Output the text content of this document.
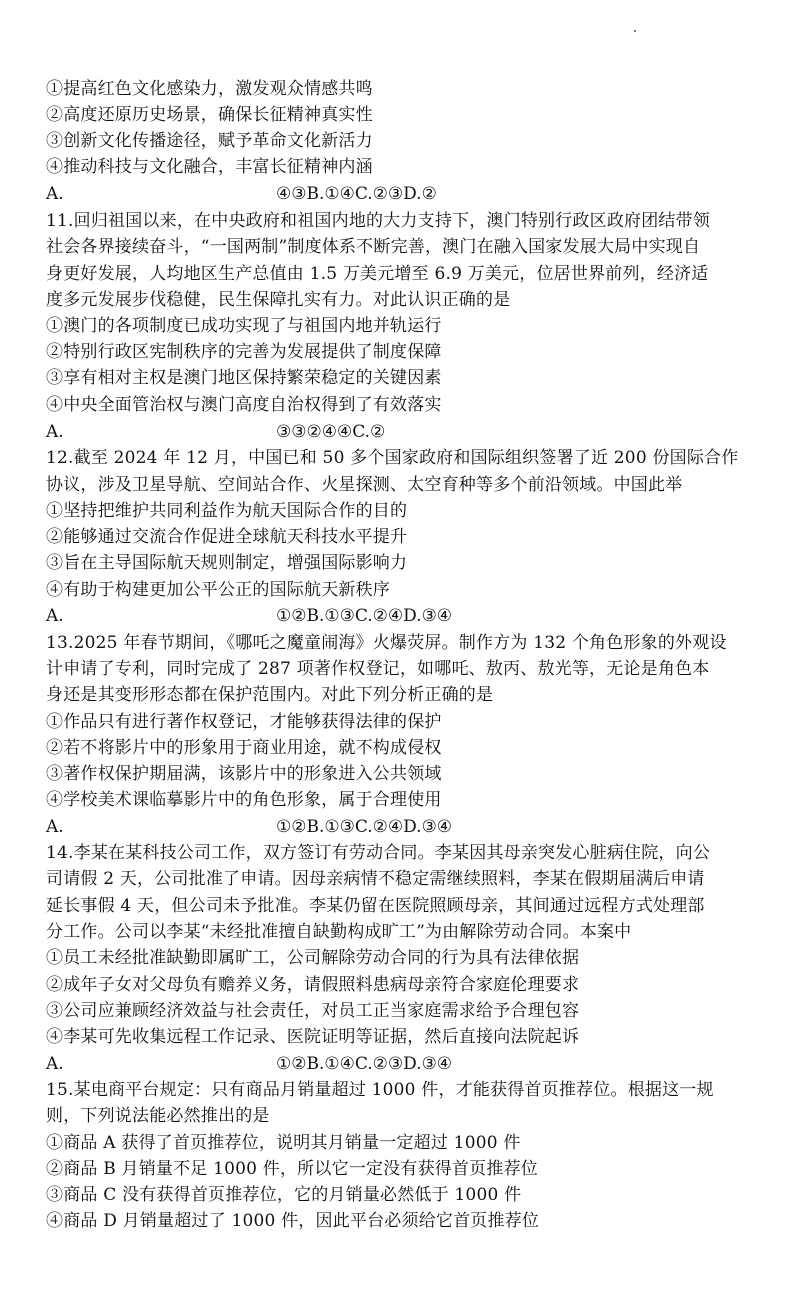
①提高红色文化感染力，激发观众情感共鸣
②高度还原历史场景，确保长征精神真实性
③创新文化传播途径，赋予革命文化新活力
④推动科技与文化融合，丰富长征精神内涵
A.	④③B.①④C.②③D.②
11.回归祖国以来，在中央政府和祖国内地的大力支持下，澳门特别行政区政府团结带领
社会各界接续奋斗，“一国两制”制度体系不断完善，澳门在融入国家发展大局中实现自
身更好发展，人均地区生产总值由 1.5 万美元增至 6.9 万美元，位居世界前列，经济适
度多元发展步伐稳健，民生保障扎实有力。对此认识正确的是
①澳门的各项制度已成功实现了与祖国内地并轨运行
②特别行政区宪制秩序的完善为发展提供了制度保障
③享有相对主权是澳门地区保持繁荣稳定的关键因素
④中央全面管治权与澳门高度自治权得到了有效落实
A.	③③②④④C.②
12.截至 2024 年 12 月，中国已和 50 多个国家政府和国际组织签署了近 200 份国际合作
协议，涉及卫星导航、空间站合作、火星探测、太空育种等多个前沿领域。中国此举
①坚持把维护共同利益作为航天国际合作的目的
②能够通过交流合作促进全球航天科技水平提升
③旨在主导国际航天规则制定，增强国际影响力
④有助于构建更加公平公正的国际航天新秩序
A.	①②B.①③C.②④D.③④
13.2025 年春节期间，《哪吒之魔童闹海》火爆荧屏。制作方为 132 个角色形象的外观设
计申请了专利，同时完成了 287 项著作权登记，如哪吒、敖丙、敖光等，无论是角色本
身还是其变形形态都在保护范围内。对此下列分析正确的是
①作品只有进行著作权登记，才能够获得法律的保护
②若不将影片中的形象用于商业用途，就不构成侵权
③著作权保护期届满，该影片中的形象进入公共领域
④学校美术课临摹影片中的角色形象，属于合理使用
A.	①②B.①③C.②④D.③④
14.李某在某科技公司工作，双方签订有劳动合同。李某因其母亲突发心脏病住院，向公
司请假 2 天，公司批准了申请。因母亲病情不稳定需继续照料，李某在假期届满后申请
延长事假 4 天，但公司未予批准。李某仍留在医院照顾母亲，其间通过远程方式处理部
分工作。公司以李某“未经批准擅自缺勤构成旷工”为由解除劳动合同。本案中
①员工未经批准缺勤即属旷工，公司解除劳动合同的行为具有法律依据
②成年子女对父母负有赡养义务，请假照料患病母亲符合家庭伦理要求
③公司应兼顾经济效益与社会责任，对员工正当家庭需求给予合理包容
④李某可先收集远程工作记录、医院证明等证据，然后直接向法院起诉
A.	①②B.①④C.②③D.③④
15.某电商平台规定：只有商品月销量超过 1000 件，才能获得首页推荐位。根据这一规
则，下列说法能必然推出的是
①商品 A 获得了首页推荐位，说明其月销量一定超过 1000 件
②商品 B 月销量不足 1000 件，所以它一定没有获得首页推荐位
③商品 C 没有获得首页推荐位，它的月销量必然低于 1000 件
④商品 D 月销量超过了 1000 件，因此平台必须给它首页推荐位
